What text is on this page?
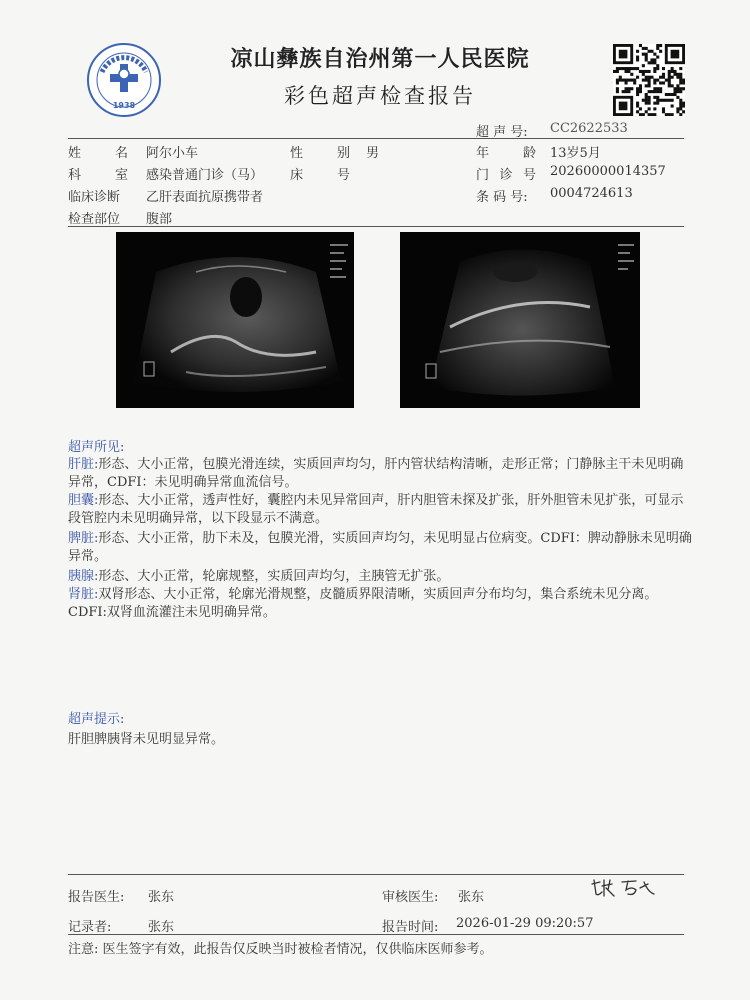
1938
凉山彝族自治州第一人民医院
彩色超声检查报告
超 声 号: CC2622533
姓 名 阿尔小车	性 别 男	年 龄 13岁5月
科 室 感染普通门诊（马） 床 号	门 诊 号 20260000014357
临床诊断 乙肝表面抗原携带者	条 码 号: 0004724613
检查部位 腹部
超声所见:
肝脏:形态、大小正常，包膜光滑连续，实质回声均匀，肝内管状结构清晰，走形正常；门静脉主干未见明确异常，CDFI：未见明确异常血流信号。
胆囊:形态、大小正常，透声性好，囊腔内未见异常回声，肝内胆管未探及扩张，肝外胆管未见扩张，可显示段管腔内未见明确异常，以下段显示不满意。
脾脏:形态、大小正常，肋下未及，包膜光滑，实质回声均匀，未见明显占位病变。CDFI：脾动静脉未见明确异常。
胰腺:形态、大小正常，轮廓规整，实质回声均匀，主胰管无扩张。
肾脏:双肾形态、大小正常，轮廓光滑规整，皮髓质界限清晰，实质回声分布均匀，集合系统未见分离。CDFI:双肾血流灌注未见明确异常。
超声提示:
肝胆脾胰肾未见明显异常。
报告医生: 张东	审核医生: 张东
记录者:	张东	报告时间: 2026-01-29 09:20:57
注意: 医生签字有效，此报告仅反映当时被检者情况，仅供临床医师参考。
